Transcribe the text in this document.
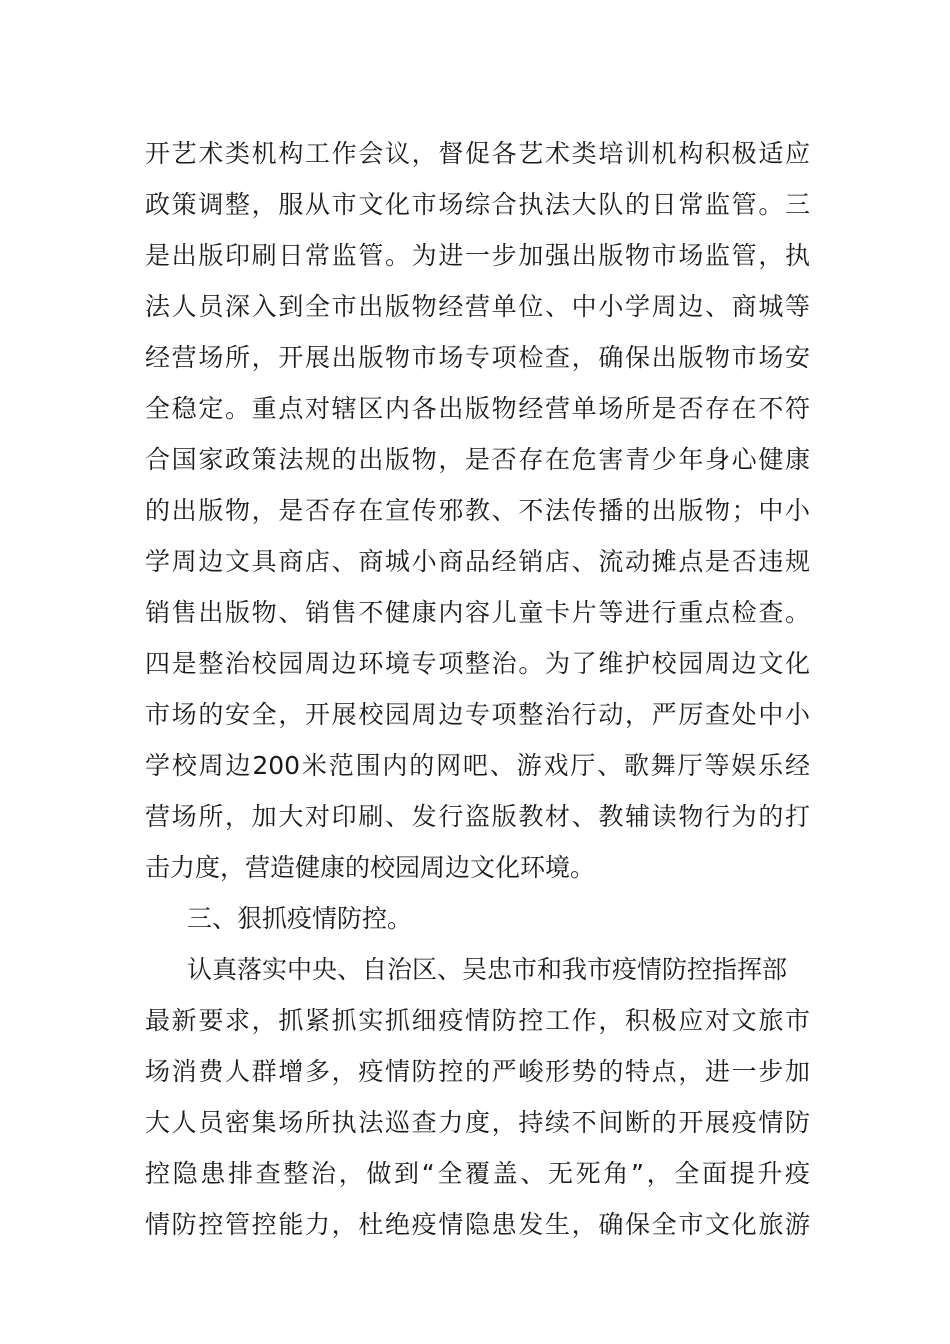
开艺术类机构工作会议，督促各艺术类培训机构积极适应
政策调整，服从市文化市场综合执法大队的日常监管。三
是出版印刷日常监管。为进一步加强出版物市场监管，执
法人员深入到全市出版物经营单位、中小学周边、商城等
经营场所，开展出版物市场专项检查，确保出版物市场安
全稳定。重点对辖区内各出版物经营单场所是否存在不符
合国家政策法规的出版物，是否存在危害青少年身心健康
的出版物，是否存在宣传邪教、不法传播的出版物；中小
学周边文具商店、商城小商品经销店、流动摊点是否违规
销售出版物、销售不健康内容儿童卡片等进行重点检查。
四是整治校园周边环境专项整治。为了维护校园周边文化
市场的安全，开展校园周边专项整治行动，严厉查处中小
学校周边200米范围内的网吧、游戏厅、歌舞厅等娱乐经
营场所，加大对印刷、发行盗版教材、教辅读物行为的打
击力度，营造健康的校园周边文化环境。
三、狠抓疫情防控。
认真落实中央、自治区、吴忠市和我市疫情防控指挥部
最新要求，抓紧抓实抓细疫情防控工作，积极应对文旅市
场消费人群增多，疫情防控的严峻形势的特点，进一步加
大人员密集场所执法巡查力度，持续不间断的开展疫情防
控隐患排查整治，做到“全覆盖、无死角”，全面提升疫
情防控管控能力，杜绝疫情隐患发生，确保全市文化旅游
